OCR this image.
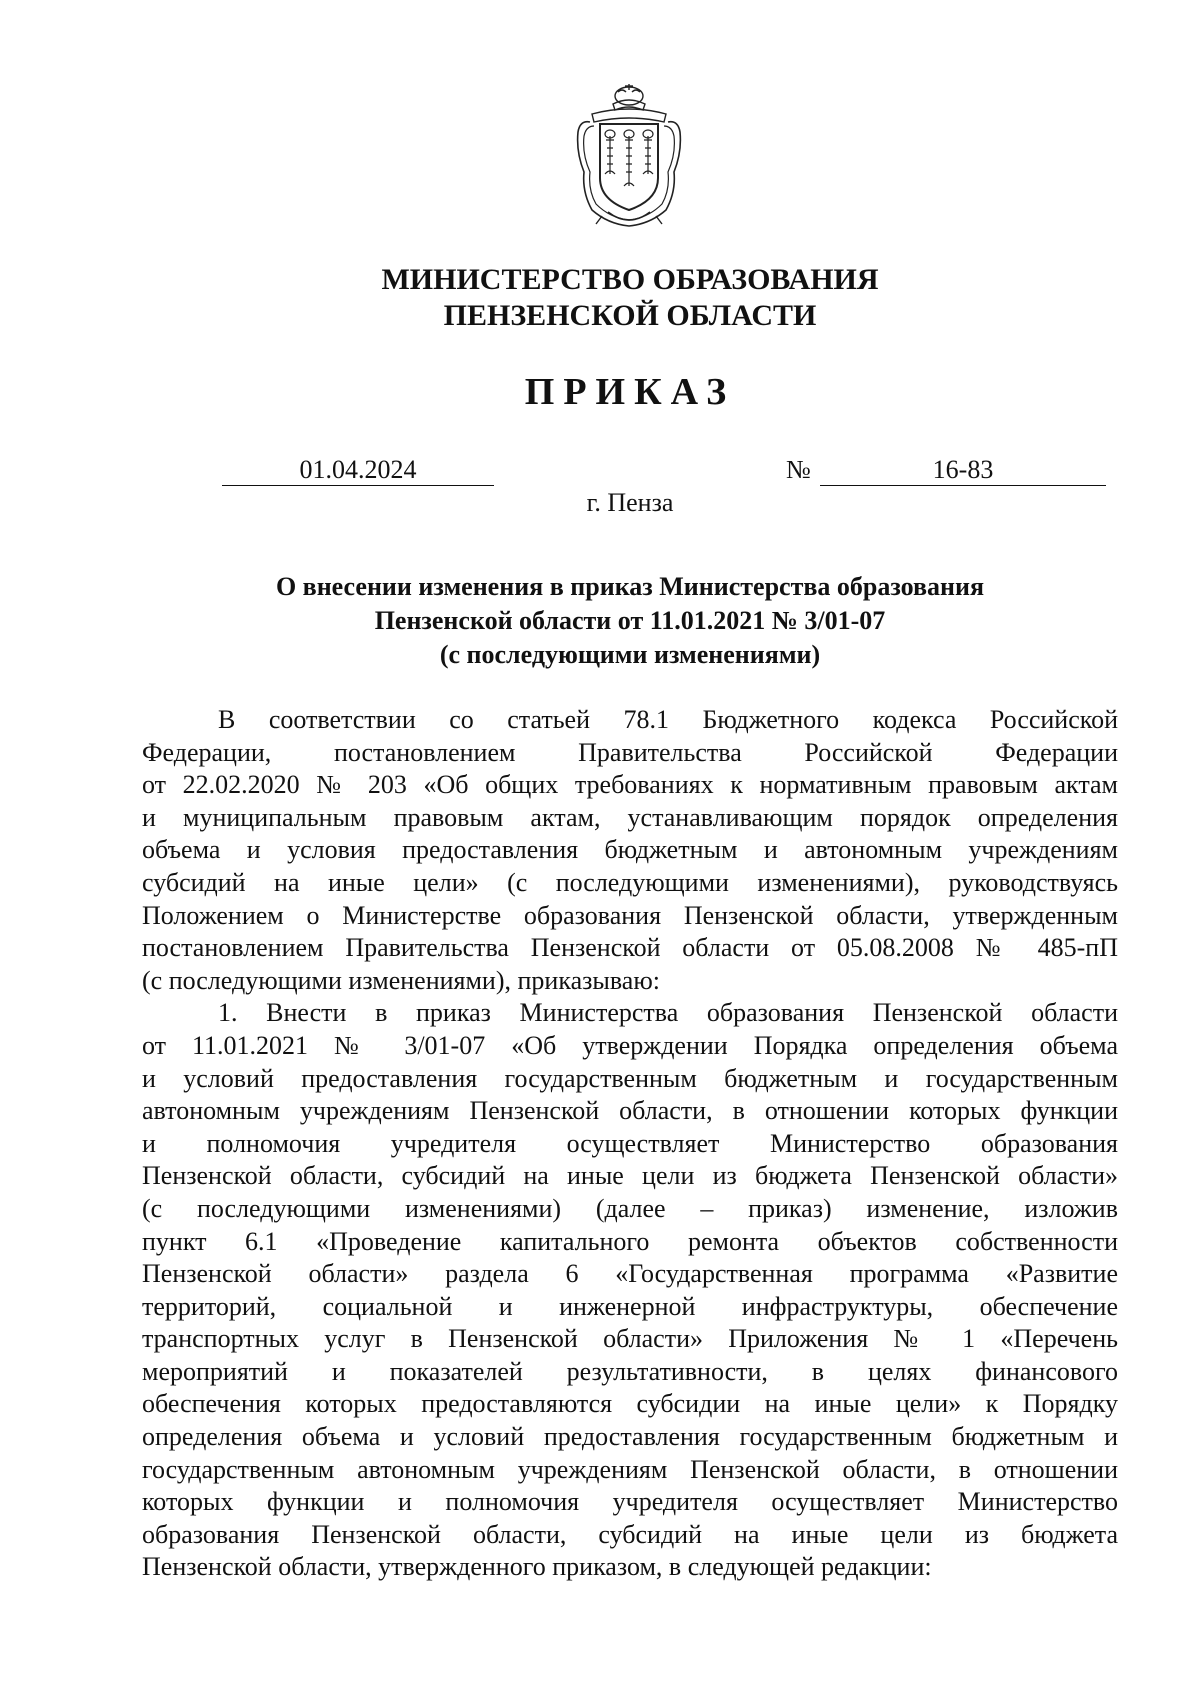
МИНИСТЕРСТВО ОБРАЗОВАНИЯ
ПЕНЗЕНСКОЙ ОБЛАСТИ
ПРИКАЗ
01.04.2024	№	16-83
г. Пенза
О внесении изменения в приказ Министерства образования
Пензенской области от 11.01.2021 № 3/01-07
(с последующими изменениями)
В соответствии со статьей 78.1 Бюджетного кодекса Российской
Федерации, постановлением Правительства Российской Федерации
от 22.02.2020 № 203 «Об общих требованиях к нормативным правовым актам
и муниципальным правовым актам, устанавливающим порядок определения
объема и условия предоставления бюджетным и автономным учреждениям
субсидий на иные цели» (с последующими изменениями), руководствуясь
Положением о Министерстве образования Пензенской области, утвержденным
постановлением Правительства Пензенской области от 05.08.2008 № 485-пП
(с последующими изменениями), приказываю:
1. Внести в приказ Министерства образования Пензенской области
от 11.01.2021 № 3/01-07 «Об утверждении Порядка определения объема
и условий предоставления государственным бюджетным и государственным
автономным учреждениям Пензенской области, в отношении которых функции
и полномочия учредителя осуществляет Министерство образования
Пензенской области, субсидий на иные цели из бюджета Пензенской области»
(с последующими изменениями) (далее – приказ) изменение, изложив
пункт 6.1 «Проведение капитального ремонта объектов собственности
Пензенской области» раздела 6 «Государственная программа «Развитие
территорий, социальной и инженерной инфраструктуры, обеспечение
транспортных услуг в Пензенской области» Приложения № 1 «Перечень
мероприятий и показателей результативности, в целях финансового
обеспечения которых предоставляются субсидии на иные цели» к Порядку
определения объема и условий предоставления государственным бюджетным и
государственным автономным учреждениям Пензенской области, в отношении
которых функции и полномочия учредителя осуществляет Министерство
образования Пензенской области, субсидий на иные цели из бюджета
Пензенской области, утвержденного приказом, в следующей редакции:
